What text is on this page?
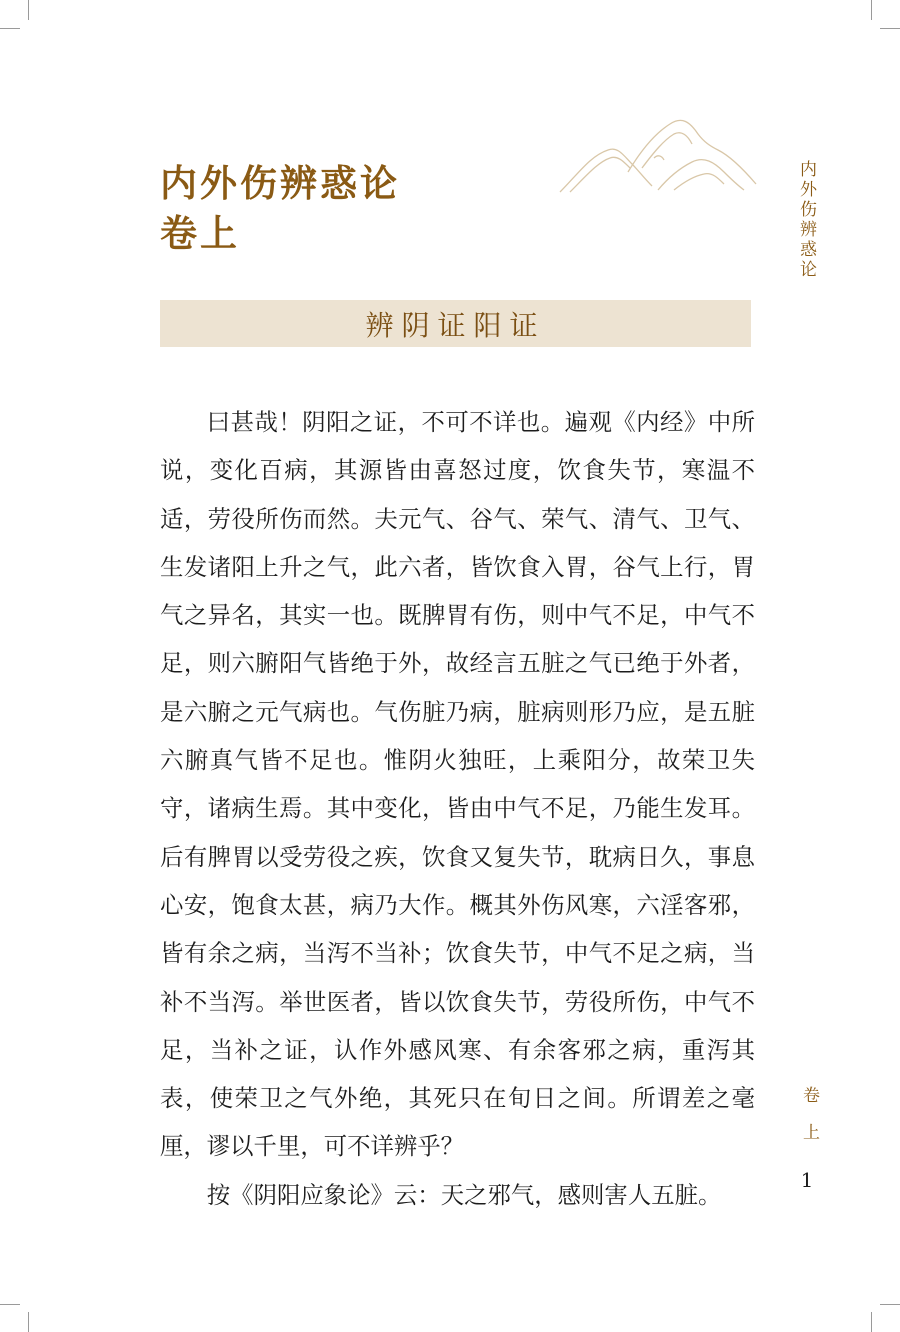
内外伤辨惑论
卷上	内外伤辨惑论
辨阴证阳证

曰甚哉！阴阳之证，不可不详也。遍观《内经》中所说，变化百病，其源皆由喜怒过度，饮食失节，寒温不适，劳役所伤而然。夫元气、谷气、荣气、清气、卫气、生发诸阳上升之气，此六者，皆饮食入胃，谷气上行，胃气之异名，其实一也。既脾胃有伤，则中气不足，中气不足，则六腑阳气皆绝于外，故经言五脏之气已绝于外者，是六腑之元气病也。气伤脏乃病，脏病则形乃应，是五脏六腑真气皆不足也。惟阴火独旺，上乘阳分，故荣卫失守，诸病生焉。其中变化，皆由中气不足，乃能生发耳。后有脾胃以受劳役之疾，饮食又复失节，耽病日久，事息心安，饱食太甚，病乃大作。概其外伤风寒，六淫客邪，皆有余之病，当泻不当补；饮食失节，中气不足之病，当补不当泻。举世医者，皆以饮食失节，劳役所伤，中气不足，当补之证，认作外感风寒、有余客邪之病，重泻其表，使荣卫之气外绝，其死只在旬日之间。所谓差之毫厘，谬以千里，可不详辨乎？

按《阴阳应象论》云：天之邪气，感则害人五脏。

卷上
1
